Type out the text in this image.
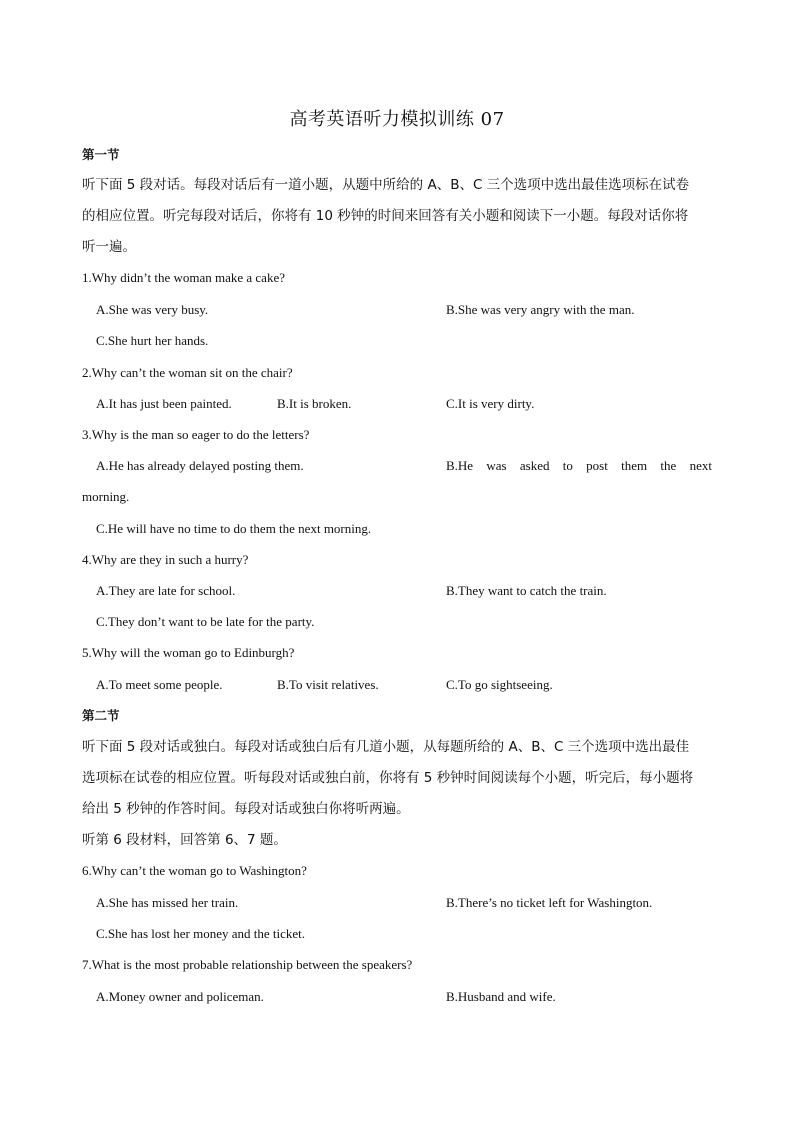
高考英语听力模拟训练 07
第一节
听下面 5 段对话。每段对话后有一道小题，从题中所给的 A、B、C 三个选项中选出最佳选项标在试卷
的相应位置。听完每段对话后，你将有 10 秒钟的时间来回答有关小题和阅读下一小题。每段对话你将
听一遍。
1.Why didn’t the woman make a cake?
A.She was very busy.	B.She was very angry with the man.
C.She hurt her hands.
2.Why can’t the woman sit on the chair?
A.It has just been painted.	B.It is broken.	C.It is very dirty.
3.Why is the man so eager to do the letters?
A.He has already delayed posting them.	B.He was asked to post them the next
morning.
C.He will have no time to do them the next morning.
4.Why are they in such a hurry?
A.They are late for school.	B.They want to catch the train.
C.They don’t want to be late for the party.
5.Why will the woman go to Edinburgh?
A.To meet some people.	B.To visit relatives.	C.To go sightseeing.
第二节
听下面 5 段对话或独白。每段对话或独白后有几道小题，从每题所给的 A、B、C 三个选项中选出最佳
选项标在试卷的相应位置。听每段对话或独白前，你将有 5 秒钟时间阅读每个小题，听完后，每小题将
给出 5 秒钟的作答时间。每段对话或独白你将听两遍。
听第 6 段材料，回答第 6、7 题。
6.Why can’t the woman go to Washington?
A.She has missed her train.	B.There’s no ticket left for Washington.
C.She has lost her money and the ticket.
7.What is the most probable relationship between the speakers?
A.Money owner and policeman.	B.Husband and wife.
